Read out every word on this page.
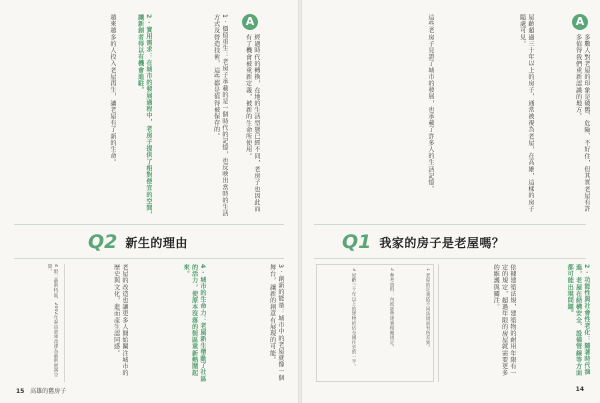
經過時代的轉換，在地的生活型態已經不同，老房子也因此而有了機會被重新定義，被新的生命所使用。
A
1 ‧ 價值重生：老房子承載的是一個時代的記憶，也反映出當時的生活方式及營造技術，這些都是值得被保存的。
2 ‧ 實用需求：在城市的發展過程中，老房子提供了相對便宜的空間，讓新創者得以有機會進駐。
越來越多的人投入老屋再生，讓老屋有了新的生命。
Q2 新生的理由
3 ‧ 創新的能量：城市中的老屋就像一個舞台，讓新的創意有展現的可能。
4 ‧ 城市的生命力：老屋新生帶動了社區的活力，使原本沒落的街區重新熱鬧起來。
老屋的改造也讓更多人開始關注城市的歷史與文化，進而產生認同感。
4 駁二藝術特區，2002年起由倉庫改建為藝術展演空間。
15 高雄的舊房子
A
多數人對老屋的印象是破舊、危險、不好住，但其實老屋有許多值得我們重新認識的地方。
屋齡超過三十年以上的房子，通常被視為老屋，在高雄，這樣的房子隨處可見。
這些老房子見證了城市的發展，也承載了許多人的生活記憶。
Q1 我家的房子是老屋嗎？
2 ‧ 功能性與社會性老化：隨著時代演進，老屋在結構安全、設備管線等方面都可能出現問題。
依據建築法規，建築物的耐用年限有一定的規定，超過年限的房屋就需要更多的維護與關注。
1 老屋的定義依不同法規而有所差異。
2 參考資料：內政部營建署相關規定。
3 屋齡三十年以上的建物約佔全國住宅的一半。
14
